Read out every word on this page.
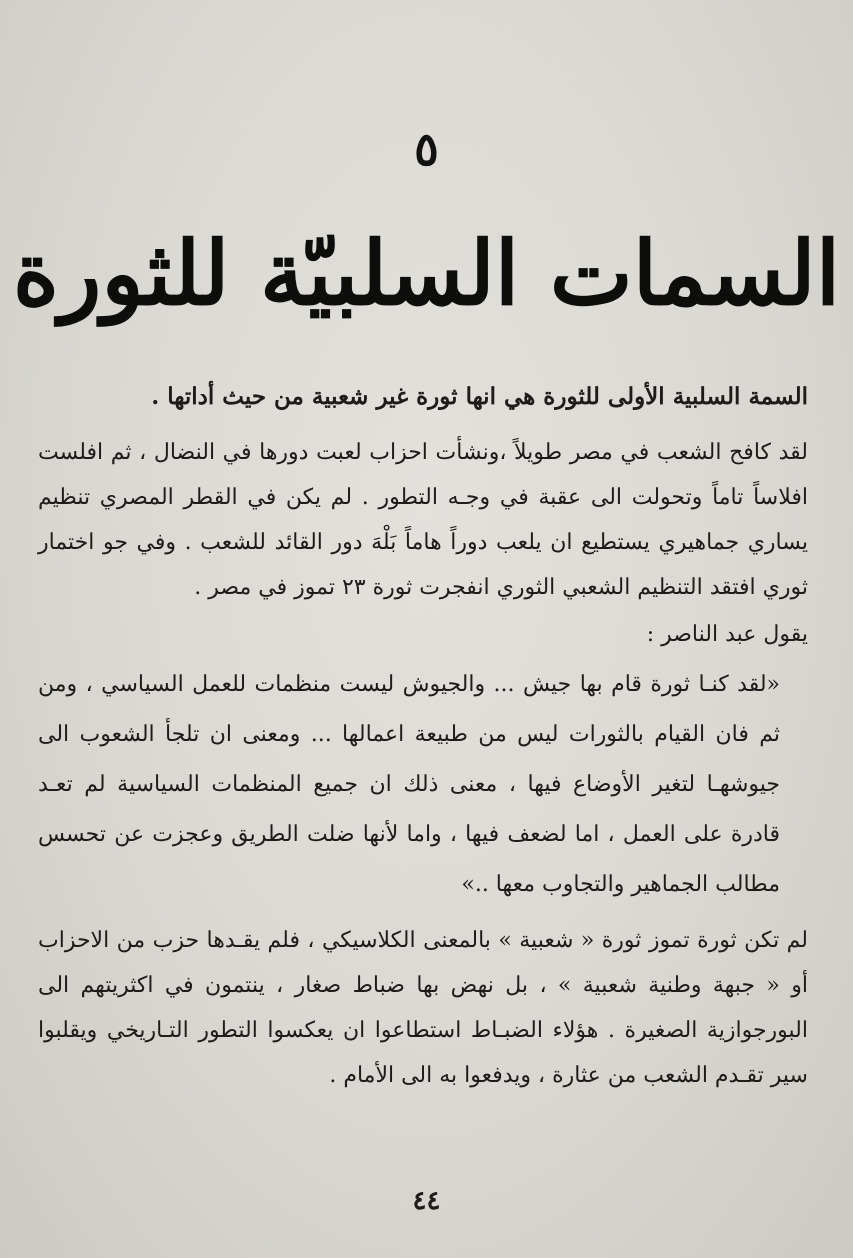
٥
السمات السلبيّة للثورة
السمة السلبية الأولى للثورة هي انها ثورة غير شعبية من حيث أداتها .
لقد كافح الشعب في مصر طويلاً ،ونشأت احزاب لعبت دورها في النضال ، ثم افلست افلاساً تاماً وتحولت الى عقبة في وجـه التطور . لم يكن في القطر المصري تنظيم يساري جماهيري يستطيع ان يلعب دوراً هاماً بَلْهَ دور القائد للشعب . وفي جو اختمار ثوري افتقد التنظيم الشعبي الثوري انفجرت ثورة ٢٣ تموز في مصر .
يقول عبد الناصر :
«لقد كنـا ثورة قام بها جيش ... والجيوش ليست منظمات للعمل السياسي ، ومن ثم فان القيام بالثورات ليس من طبيعة اعمالها ... ومعنى ان تلجأ الشعوب الى جيوشهـا لتغير الأوضاع فيها ، معنى ذلك ان جميع المنظمات السياسية لم تعـد قادرة على العمل ، اما لضعف فيها ، واما لأنها ضلت الطريق وعجزت عن تحسس مطالب الجماهير والتجاوب معها ..»
لم تكن ثورة تموز ثورة « شعبية » بالمعنى الكلاسيكي ، فلم يقـدها حزب من الاحزاب أو « جبهة وطنية شعبية » ، بل نهض بها ضباط صغار ، ينتمون في اكثريتهم الى البورجوازية الصغيرة . هؤلاء الضبـاط استطاعوا ان يعكسوا التطور التـاريخي ويقلبوا سير تقـدم الشعب من عثارة ، ويدفعوا به الى الأمام .
٤٤
